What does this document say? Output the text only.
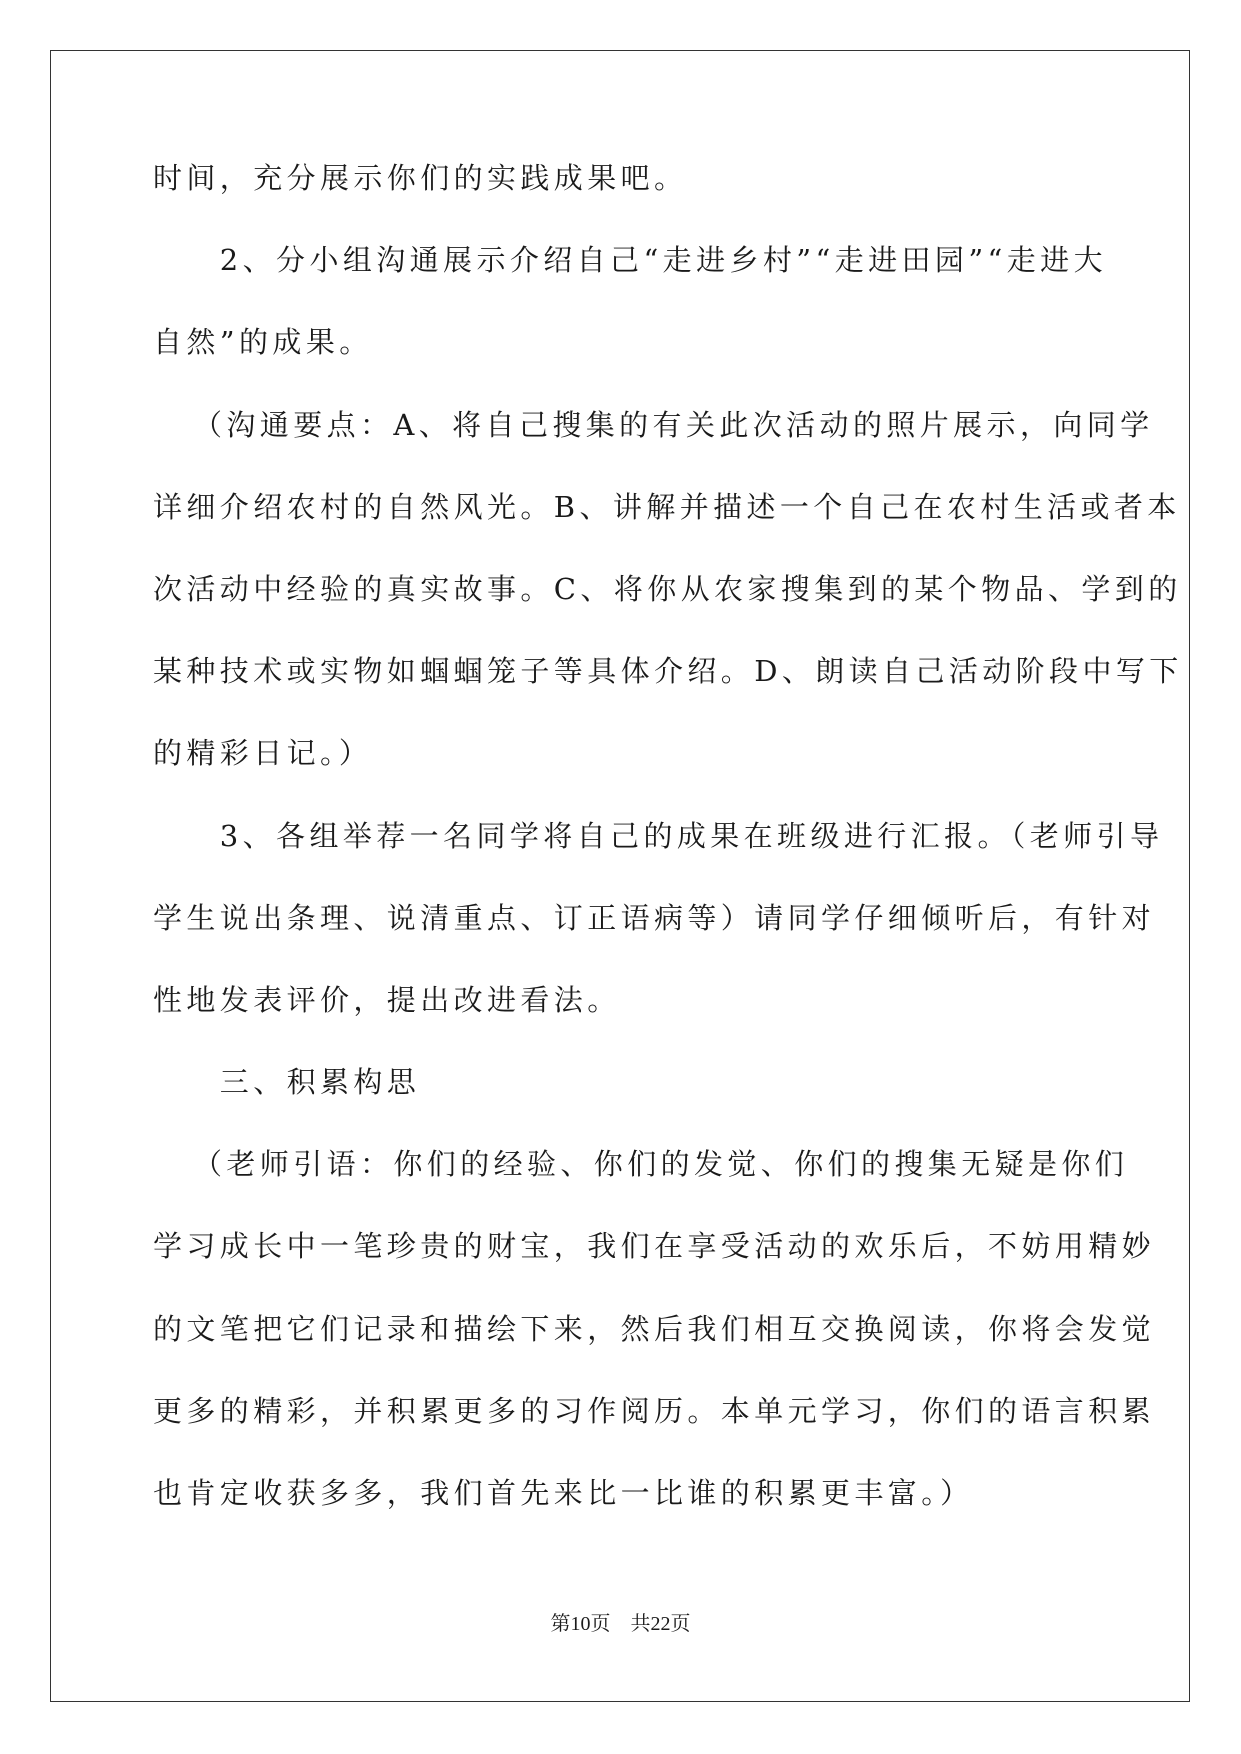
时间，充分展示你们的实践成果吧。
　　2、分小组沟通展示介绍自己“走进乡村”“走进田园”“走进大
自然”的成果。
（沟通要点：A、将自己搜集的有关此次活动的照片展示，向同学
详细介绍农村的自然风光。B、讲解并描述一个自己在农村生活或者本
次活动中经验的真实故事。C、将你从农家搜集到的某个物品、学到的
某种技术或实物如蝈蝈笼子等具体介绍。D、朗读自己活动阶段中写下
的精彩日记。）
　　3、各组举荐一名同学将自己的成果在班级进行汇报。（老师引导
学生说出条理、说清重点、订正语病等）请同学仔细倾听后，有针对
性地发表评价，提出改进看法。
　　三、积累构思
（老师引语：你们的经验、你们的发觉、你们的搜集无疑是你们
学习成长中一笔珍贵的财宝，我们在享受活动的欢乐后，不妨用精妙
的文笔把它们记录和描绘下来，然后我们相互交换阅读，你将会发觉
更多的精彩，并积累更多的习作阅历。本单元学习，你们的语言积累
也肯定收获多多，我们首先来比一比谁的积累更丰富。）
第10页　共22页
